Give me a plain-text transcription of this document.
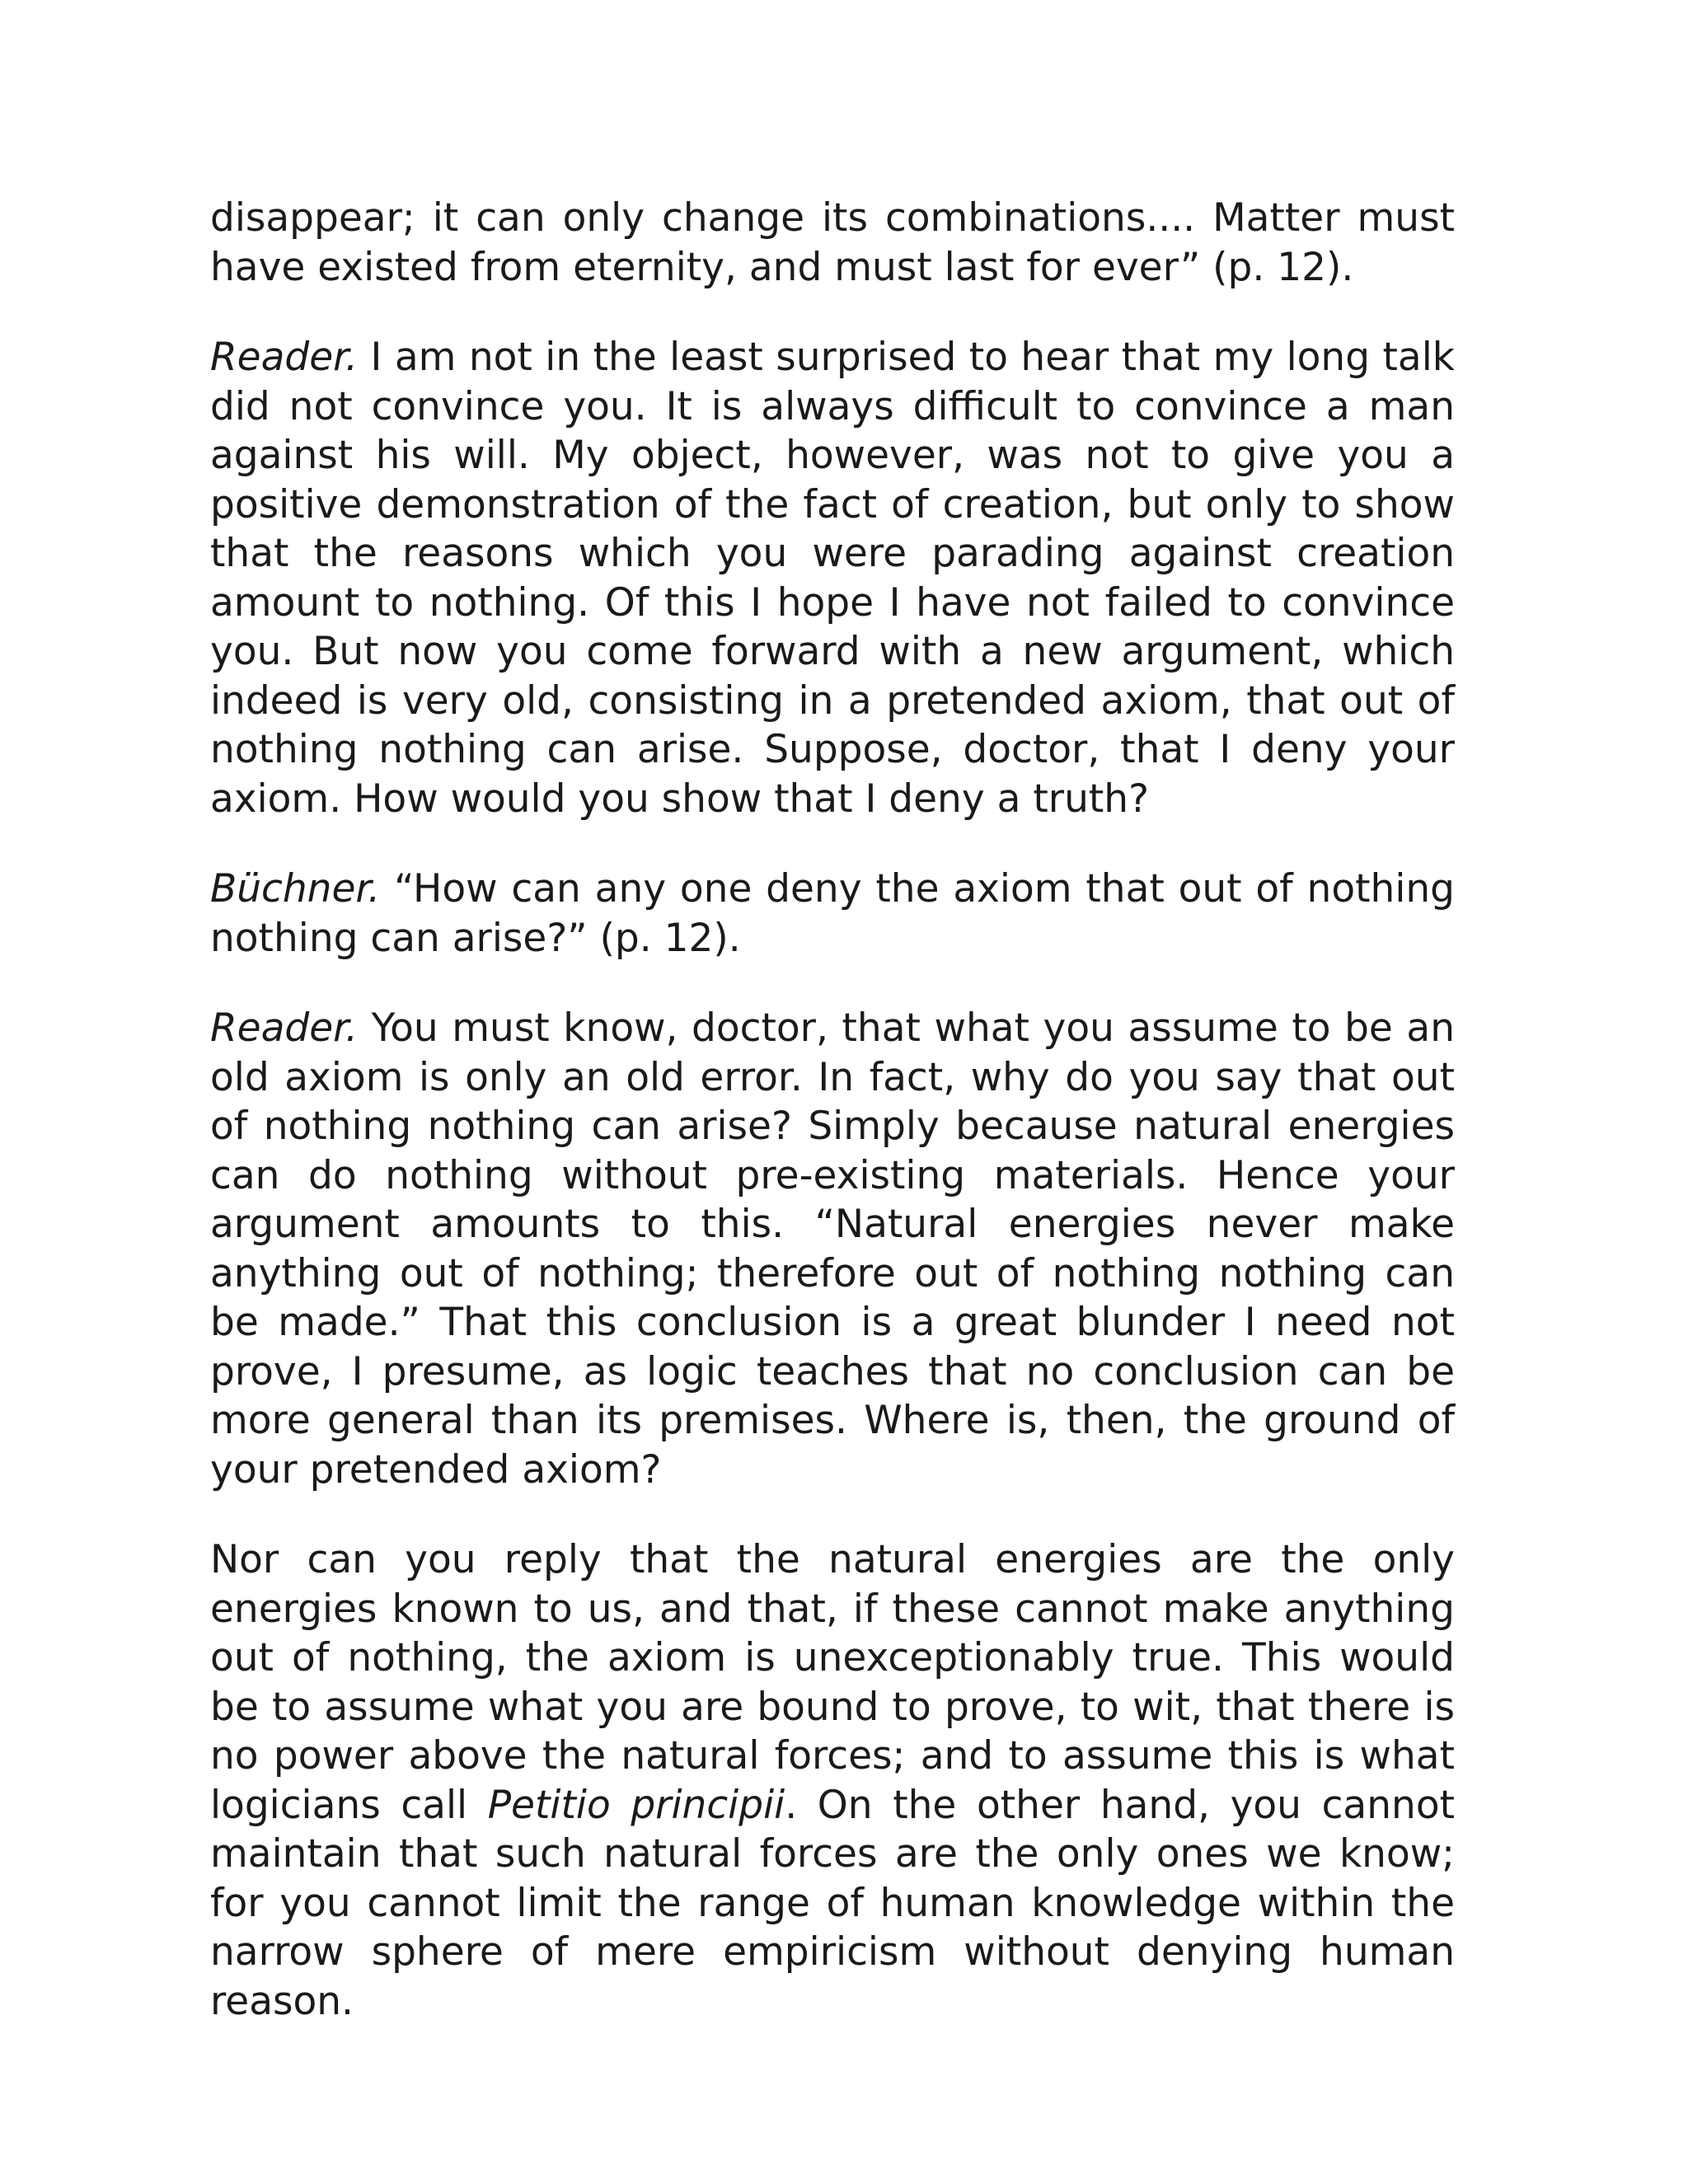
disappear; it can only change its combinations.... Matter must have existed from eternity, and must last for ever” (p. 12).

Reader. I am not in the least surprised to hear that my long talk did not convince you. It is always difficult to convince a man against his will. My object, however, was not to give you a positive demonstration of the fact of creation, but only to show that the reasons which you were parading against creation amount to nothing. Of this I hope I have not failed to convince you. But now you come forward with a new argument, which indeed is very old, consisting in a pretended axiom, that out of nothing nothing can arise. Suppose, doctor, that I deny your axiom. How would you show that I deny a truth?

Büchner. “How can any one deny the axiom that out of nothing nothing can arise?” (p. 12).

Reader. You must know, doctor, that what you assume to be an old axiom is only an old error. In fact, why do you say that out of nothing nothing can arise? Simply because natural energies can do nothing without pre-existing materials. Hence your argument amounts to this. “Natural energies never make anything out of nothing; therefore out of nothing nothing can be made.” That this conclusion is a great blunder I need not prove, I presume, as logic teaches that no conclusion can be more general than its premises. Where is, then, the ground of your pretended axiom?

Nor can you reply that the natural energies are the only energies known to us, and that, if these cannot make anything out of nothing, the axiom is unexceptionably true. This would be to assume what you are bound to prove, to wit, that there is no power above the natural forces; and to assume this is what logicians call Petitio principii. On the other hand, you cannot maintain that such natural forces are the only ones we know; for you cannot limit the range of human knowledge within the narrow sphere of mere empiricism without denying human reason.
